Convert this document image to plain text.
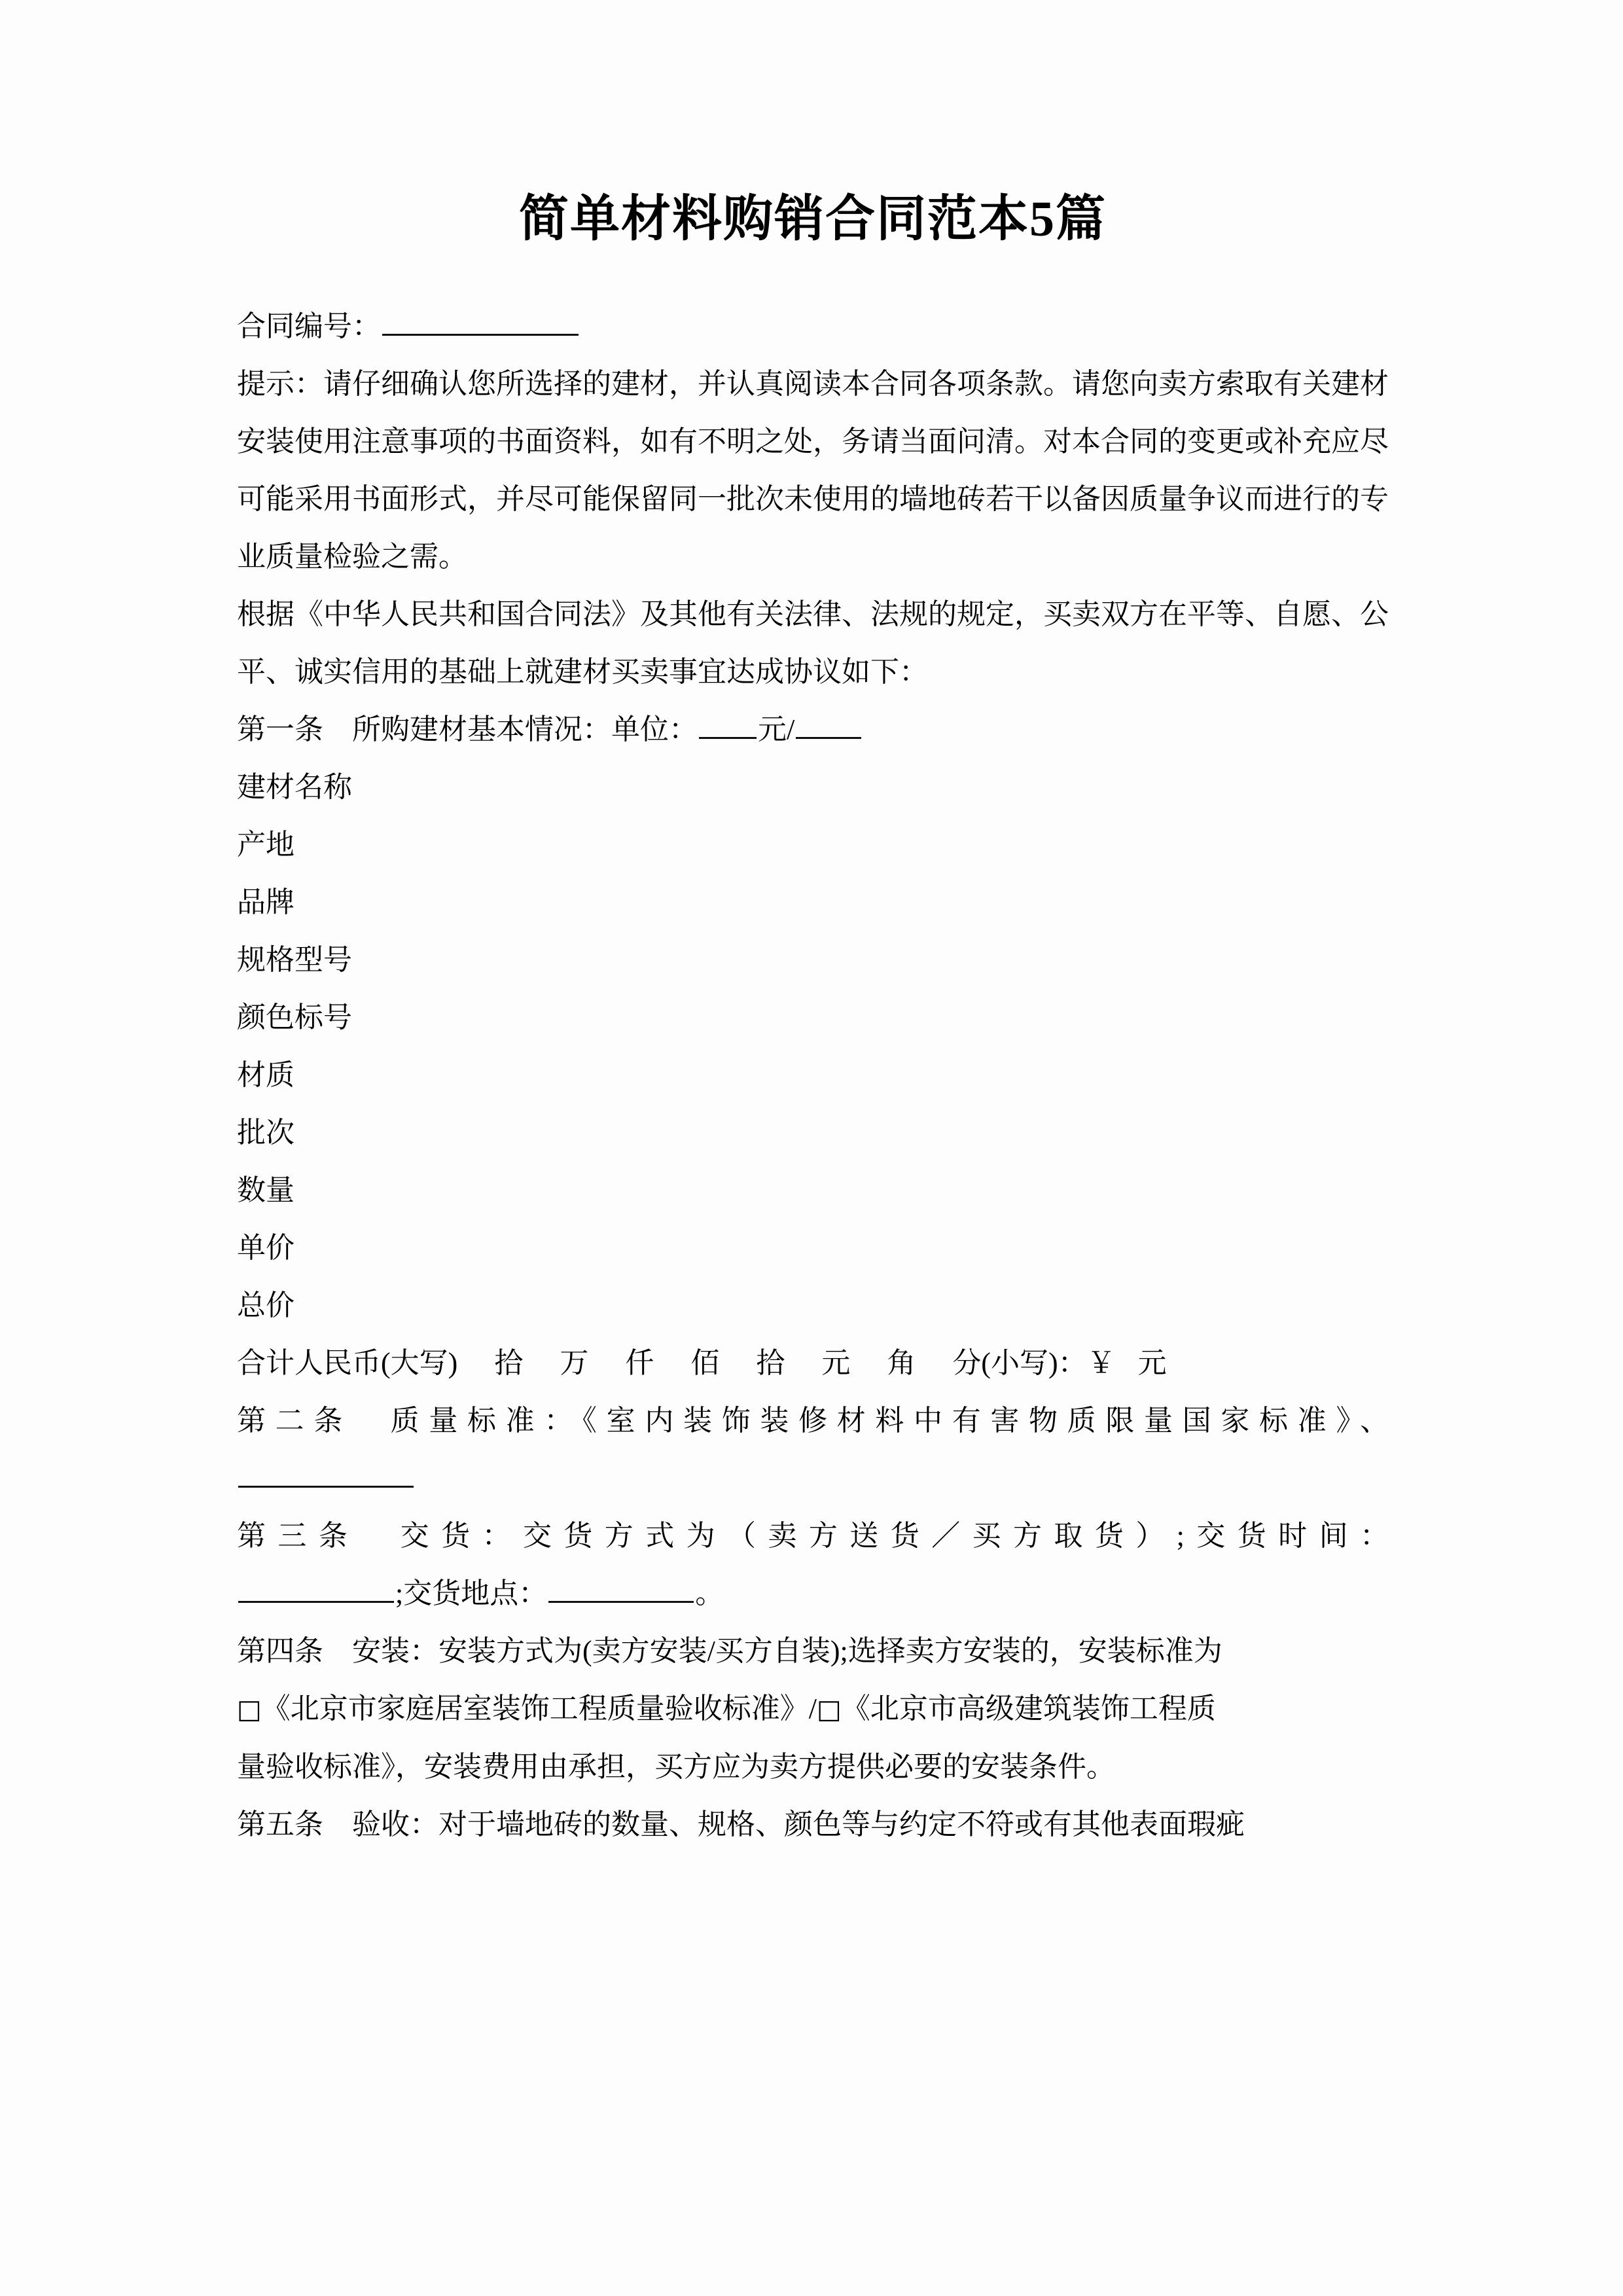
简单材料购销合同范本5篇

合同编号：

提示：请仔细确认您所选择的建材，并认真阅读本合同各项条款。请您向卖方索取有关建材安装使用注意事项的书面资料，如有不明之处，务请当面问清。对本合同的变更或补充应尽可能采用书面形式，并尽可能保留同一批次未使用的墙地砖若干以备因质量争议而进行的专业质量检验之需。

根据《中华人民共和国合同法》及其他有关法律、法规的规定，买卖双方在平等、自愿、公平、诚实信用的基础上就建材买卖事宜达成协议如下：

第一条　所购建材基本情况：单位： 元/

建材名称

产地

品牌

规格型号

颜色标号

材质

批次

数量

单价

总价

合计人民币(大写) 拾 万 仟 佰 拾 元 角 分(小写)：￥ 元

第二条　质量标准：《室内装饰装修材料中有害物质限量国家标准》、

第三条　交货：交货方式为（卖方送货／买方取货）;交货时间：

;交货地点：	。

第四条　安装：安装方式为(卖方安装/买方自装);选择卖方安装的，安装标准为

□《北京市家庭居室装饰工程质量验收标准》/□《北京市高级建筑装饰工程质

量验收标准》，安装费用由承担，买方应为卖方提供必要的安装条件。

第五条　验收：对于墙地砖的数量、规格、颜色等与约定不符或有其他表面瑕疵
